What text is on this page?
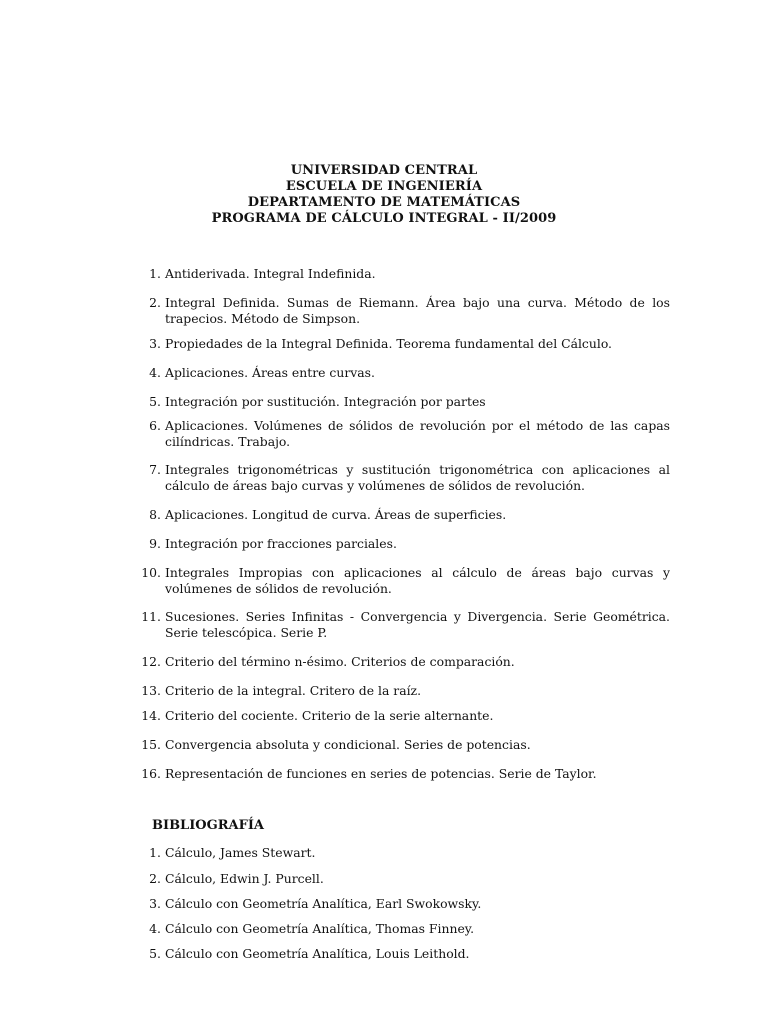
UNIVERSIDAD CENTRAL
ESCUELA DE INGENIERÍA
DEPARTAMENTO DE MATEMÁTICAS
PROGRAMA DE CÁLCULO INTEGRAL - II/2009
1. Antiderivada. Integral Indefinida.
2. Integral Definida. Sumas de Riemann. Área bajo una curva. Método de los trapecios. Método de Simpson.
3. Propiedades de la Integral Definida. Teorema fundamental del Cálculo.
4. Aplicaciones. Áreas entre curvas.
5. Integración por sustitución. Integración por partes
6. Aplicaciones. Volúmenes de sólidos de revolución por el método de las capas cilíndricas. Trabajo.
7. Integrales trigonométricas y sustitución trigonométrica con aplicaciones al cálculo de áreas bajo curvas y volúmenes de sólidos de revolución.
8. Aplicaciones. Longitud de curva. Áreas de superficies.
9. Integración por fracciones parciales.
10. Integrales Impropias con aplicaciones al cálculo de áreas bajo curvas y volúmenes de sólidos de revolución.
11. Sucesiones. Series Infinitas - Convergencia y Divergencia. Serie Geométrica. Serie telescópica. Serie P.
12. Criterio del término n-ésimo. Criterios de comparación.
13. Criterio de la integral. Critero de la raíz.
14. Criterio del cociente. Criterio de la serie alternante.
15. Convergencia absoluta y condicional. Series de potencias.
16. Representación de funciones en series de potencias. Serie de Taylor.
BIBLIOGRAFÍA
1. Cálculo, James Stewart.
2. Cálculo, Edwin J. Purcell.
3. Cálculo con Geometría Analítica, Earl Swokowsky.
4. Cálculo con Geometría Analítica, Thomas Finney.
5. Cálculo con Geometría Analítica, Louis Leithold.
